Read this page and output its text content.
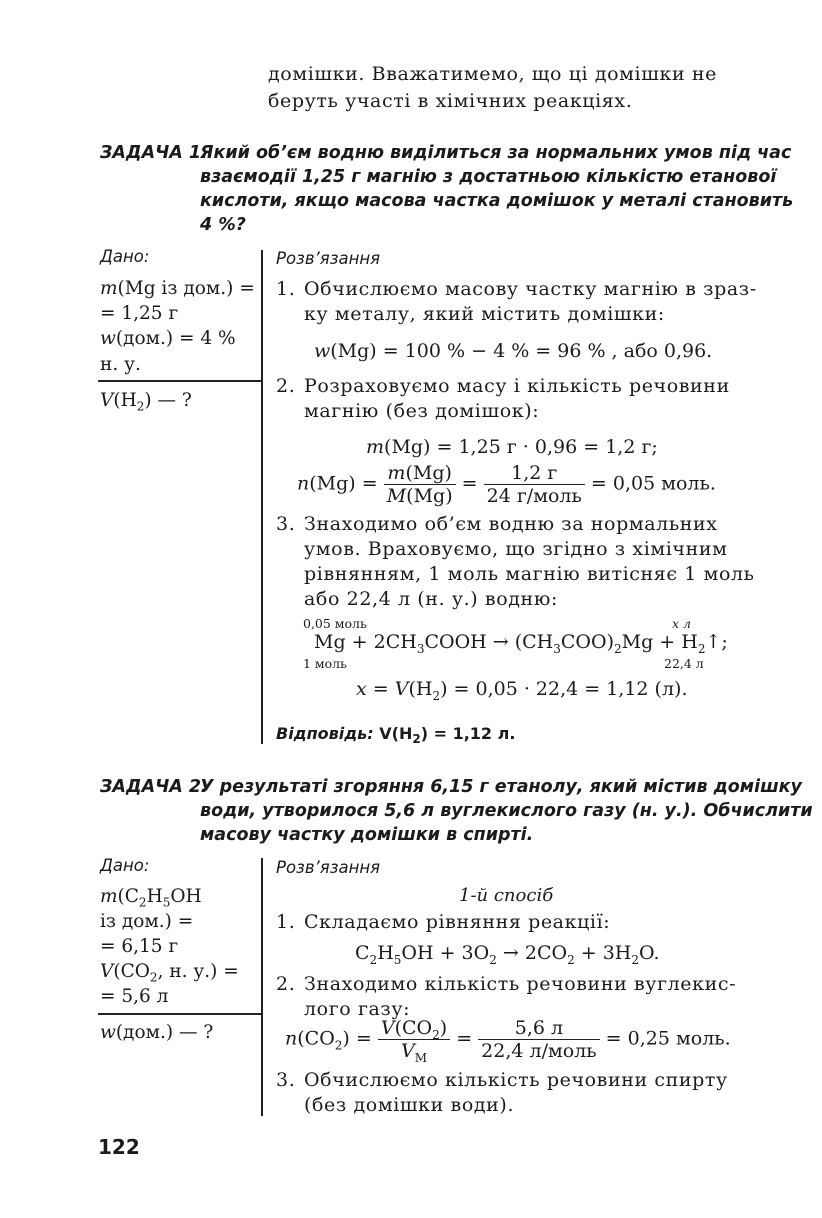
домішки. Вважатимемо, що ці домішки не
беруть участі в хімічних реакціях.
ЗАДАЧА 1.
Який об’єм водню виділиться за нормальних умов під час
взаємодії 1,25 г магнію з достатньою кількістю етанової
кислоти, якщо масова частка домішок у металі становить
4 %?
Дано:
m(Mg із дом.) =
= 1,25 г
w(дом.) = 4 %
н. у.
$V(H_2)$ — ?
Розв’язання
1. Обчислюємо масову частку магнію в зраз-
ку металу, який містить домішки:
w(Mg) = 100 % − 4 % = 96 % , або 0,96.
2. Розраховуємо масу і кількість речовини
магнію (без домішок):
m(Mg) = 1,25 г · 0,96 = 1,2 г;
$n(Mg) = \frac{m(Mg)}{M(Mg)} = \frac{1,2 г}{\text{24 г/моль}} = 0,05$ моль.
3. Знаходимо об’єм водню за нормальних
умов. Враховуємо, що згідно з хімічним
рівнянням, 1 моль магнію витісняє 1 моль
або 22,4 л (н. у.) водню:
0,05 моль	x л
$Mg + 2CH_3COOH \to (CH_3COO)_2Mg$ + $H_2↑$;
1 моль	22,4 л
$x = V(H_2) = 0,05 \cdot 22,4 = 1,12$ (л).
Відповідь: $V(H_2) = 1,12$ л.
ЗАДАЧА 2.
У результаті згоряння 6,15 г етанолу, який містив домішку
води, утворилося 5,6 л вуглекислого газу (н. у.). Обчислити
масову частку домішки в спирті.
Дано:
$m(C_2H_5OH$
із дом.) =
= 6,15 г
$V(CO_2$, н. у.) =
= 5,6 л
w(дом.) — ?
Розв’язання
1-й спосіб
1. Складаємо рівняння реакції:
$C_2H_5OH + 3O_2 \to 2CO_2 + 3H_2O$.
2. Знаходимо кількість речовини вуглекис-
лого газу:
$n(CO_2) = \frac{V(CO_2)}{V_M} = \frac{5,6 л}{\text{22,4 л/моль}} = 0,25$ моль.
3. Обчислюємо кількість речовини спирту
(без домішки води).
122
